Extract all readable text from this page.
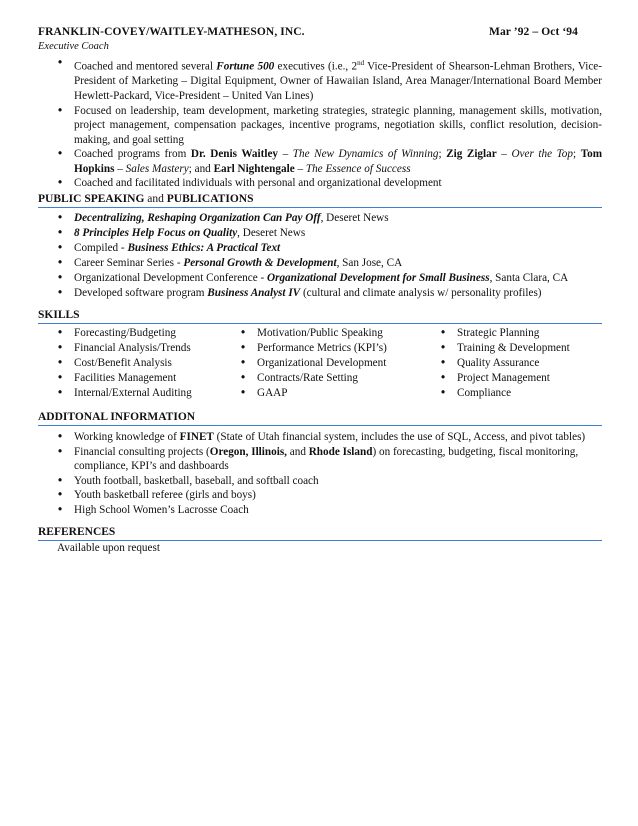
FRANKLIN-COVEY/WAITLEY-MATHESON, INC.	Mar ’92 – Oct ‘94
Executive Coach
• Coached and mentored several Fortune 500 executives (i.e., 2nd Vice-President of Shearson-Lehman Brothers, Vice-President of Marketing – Digital Equipment, Owner of Hawaiian Island, Area Manager/International Board Member Hewlett-Packard, Vice-President – United Van Lines)
• Focused on leadership, team development, marketing strategies, strategic planning, management skills, motivation, project management, compensation packages, incentive programs, negotiation skills, conflict resolution, decision-making, and goal setting
• Coached programs from Dr. Denis Waitley – The New Dynamics of Winning; Zig Ziglar – Over the Top; Tom Hopkins – Sales Mastery; and Earl Nightengale – The Essence of Success
• Coached and facilitated individuals with personal and organizational development
PUBLIC SPEAKING and PUBLICATIONS
• Decentralizing, Reshaping Organization Can Pay Off, Deseret News
• 8 Principles Help Focus on Quality, Deseret News
• Compiled - Business Ethics: A Practical Text
• Career Seminar Series - Personal Growth & Development, San Jose, CA
• Organizational Development Conference - Organizational Development for Small Business, Santa Clara, CA
• Developed software program Business Analyst IV (cultural and climate analysis w/ personality profiles)
SKILLS
• Forecasting/Budgeting
• Financial Analysis/Trends
• Cost/Benefit Analysis
• Facilities Management
• Internal/External Auditing
• Motivation/Public Speaking
• Performance Metrics (KPI’s)
• Organizational Development
• Contracts/Rate Setting
• GAAP
• Strategic Planning
• Training & Development
• Quality Assurance
• Project Management
• Compliance
ADDITONAL INFORMATION
• Working knowledge of FINET (State of Utah financial system, includes the use of SQL, Access, and pivot tables)
• Financial consulting projects (Oregon, Illinois, and Rhode Island) on forecasting, budgeting, fiscal monitoring, compliance, KPI’s and dashboards
• Youth football, basketball, baseball, and softball coach
• Youth basketball referee (girls and boys)
• High School Women’s Lacrosse Coach
REFERENCES
Available upon request
